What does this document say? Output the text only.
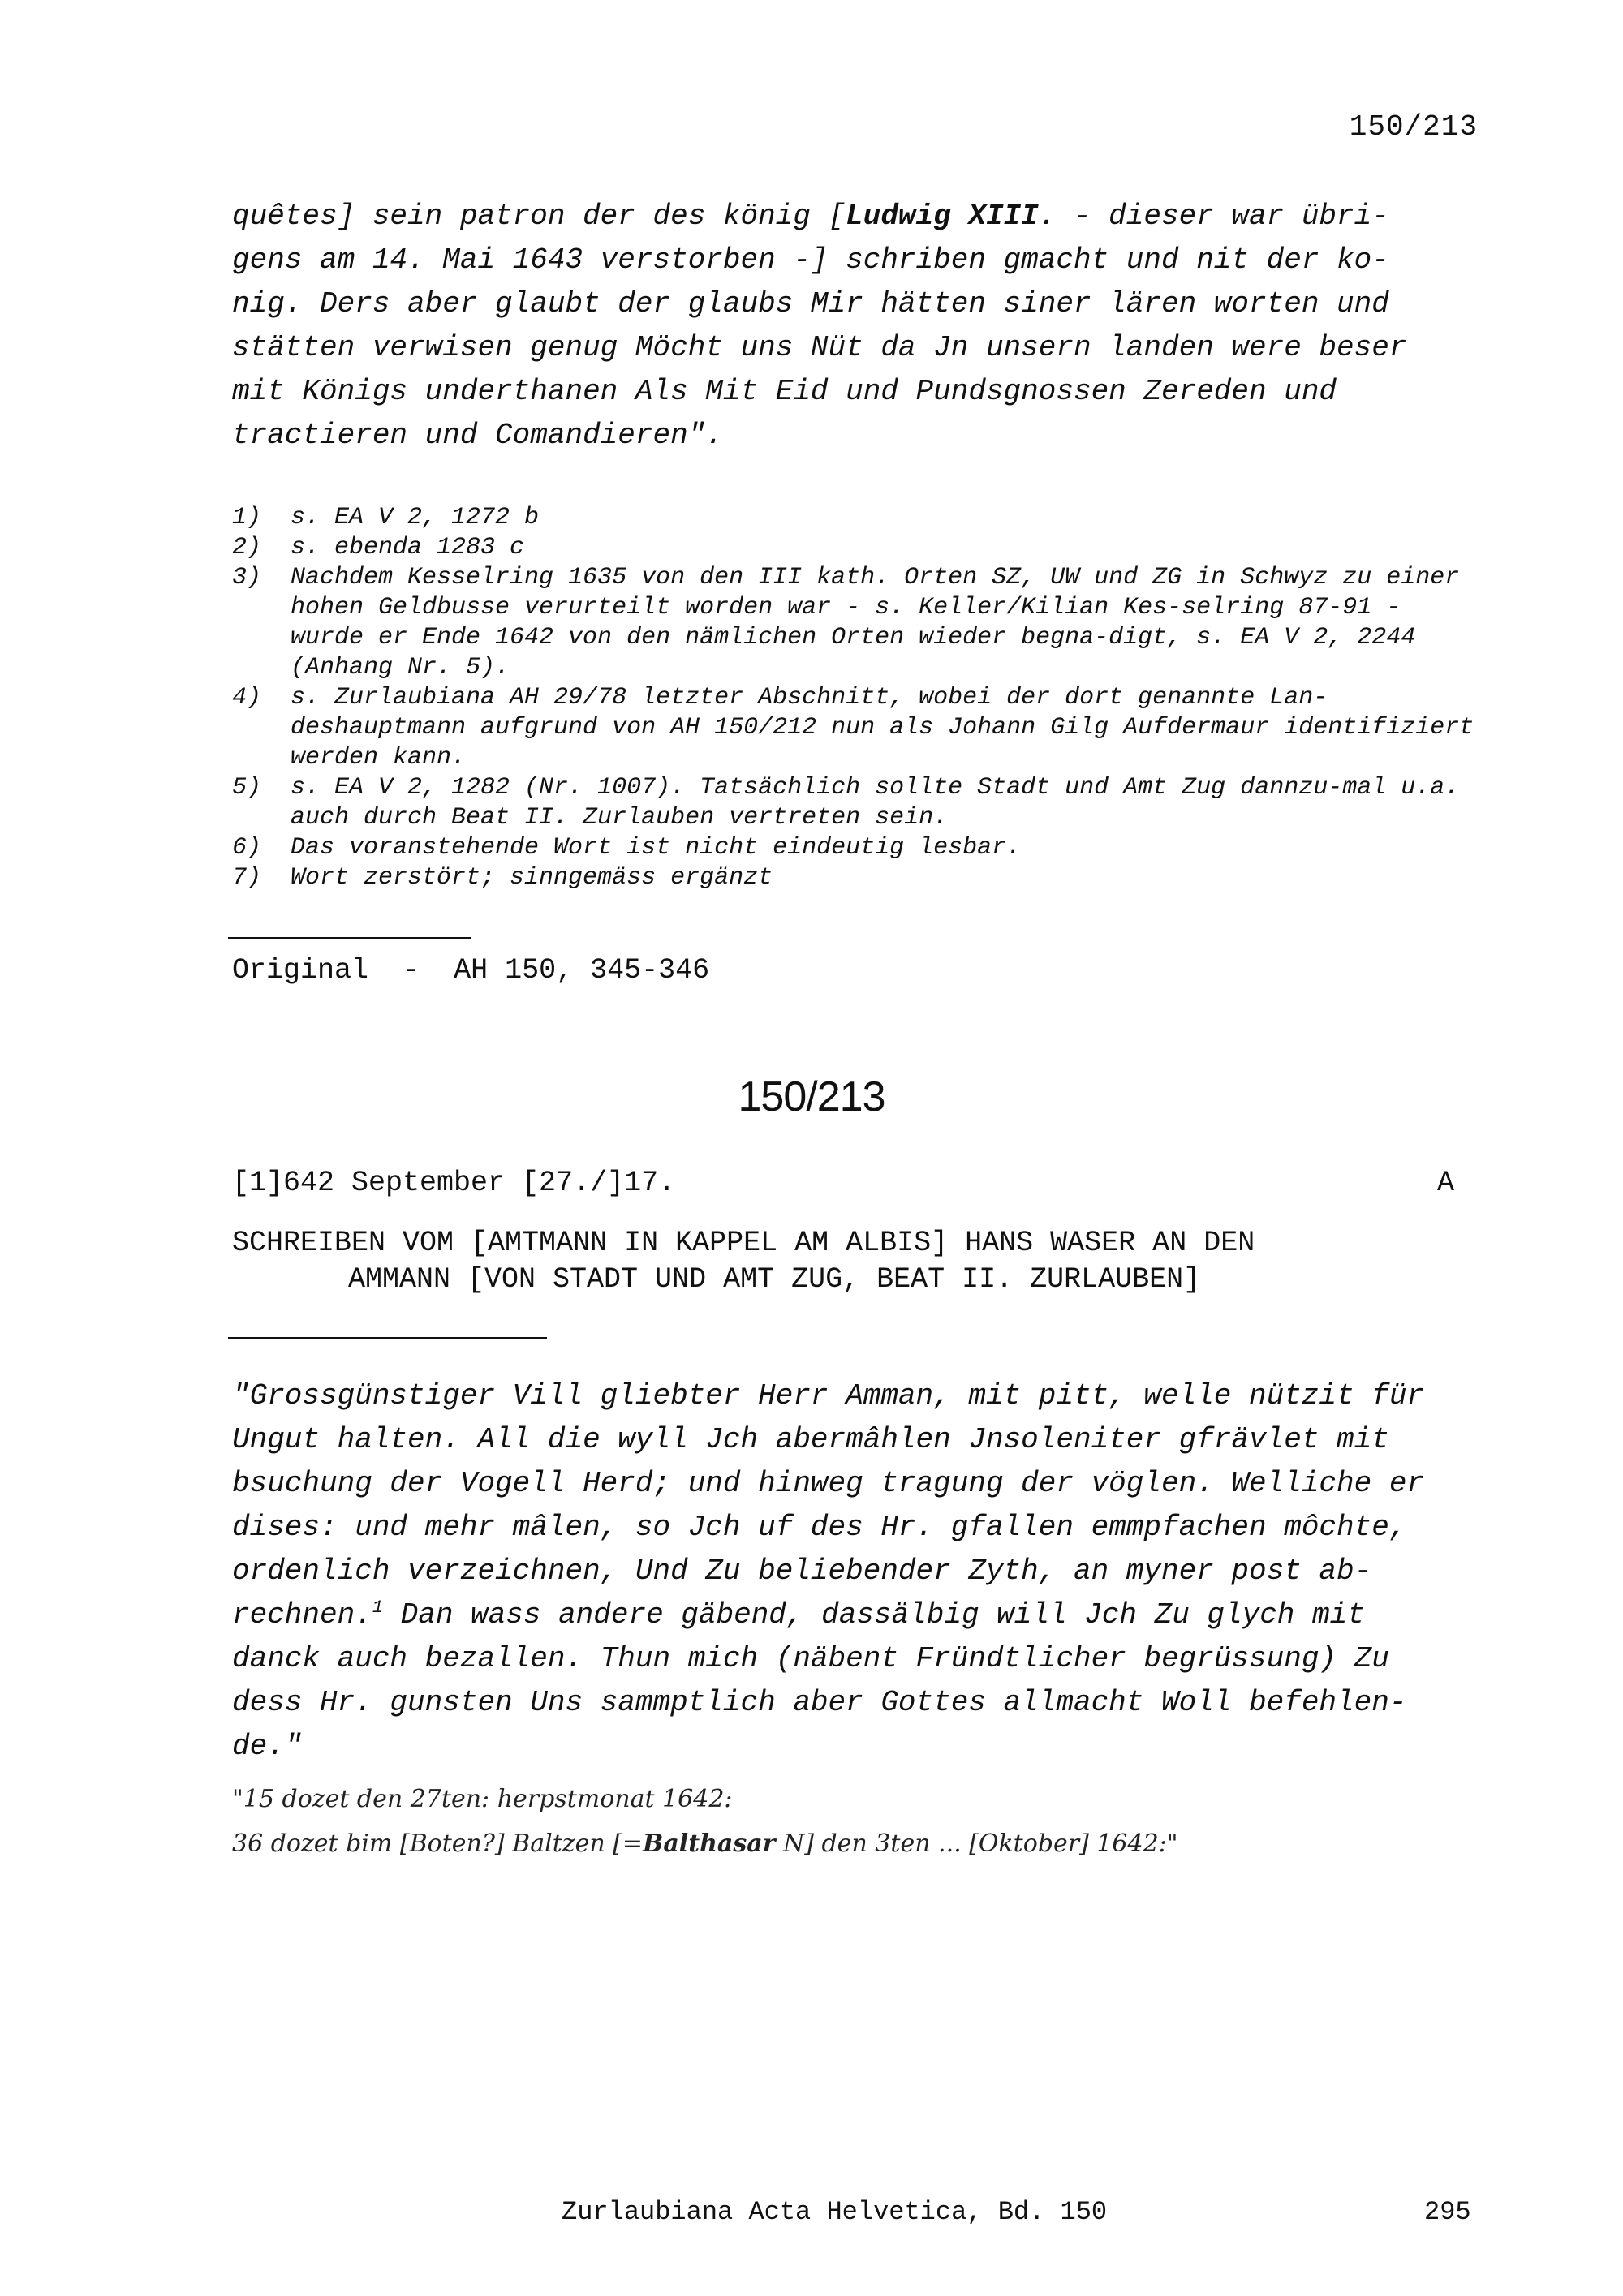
150/213

quêtes] sein patron der des könig [Ludwig XIII. - dieser war übri-

gens am 14. Mai 1643 verstorben -] schriben gmacht und nit der ko-

nig. Ders aber glaubt der glaubs Mir hätten siner lären worten und

stätten verwisen genug Möcht uns Nüt da Jn unsern landen were beser

mit Königs underthanen Als Mit Eid und Pundsgnossen Zereden und

tractieren und Comandieren".

1)	s. EA V 2, 1272 b
2)	s. ebenda 1283 c
3)	Nachdem Kesselring 1635 von den III kath. Orten SZ, UW und ZG in Schwyz zu einer hohen Geldbusse verurteilt worden war - s. Keller/Kilian Kes-selring 87-91 - wurde er Ende 1642 von den nämlichen Orten wieder begna-digt, s. EA V 2, 2244 (Anhang Nr. 5).
4)	s. Zurlaubiana AH 29/78 letzter Abschnitt, wobei der dort genannte Lan-deshauptmann aufgrund von AH 150/212 nun als Johann Gilg Aufdermaur identifiziert werden kann.
5)	s. EA V 2, 1282 (Nr. 1007). Tatsächlich sollte Stadt und Amt Zug dannzu-mal u.a. auch durch Beat II. Zurlauben vertreten sein.
6)	Das voranstehende Wort ist nicht eindeutig lesbar.
7)	Wort zerstört; sinngemäss ergänzt
Original - AH 150, 345-346
150/213
[1]642 September [27./]17.	A
SCHREIBEN VOM [AMTMANN IN KAPPEL AM ALBIS] HANS WASER AN DEN
AMMANN [VON STADT UND AMT ZUG, BEAT II. ZURLAUBEN]

"Grossgünstiger Vill gliebter Herr Amman, mit pitt, welle nützit für

Ungut halten. All die wyll Jch abermâhlen Jnsoleniter gfrävlet mit

bsuchung der Vogell Herd; und hinweg tragung der vöglen. Welliche er

dises: und mehr mâlen, so Jch uf des Hr. gfallen emmpfachen môchte,

ordenlich verzeichnen, Und Zu beliebender Zyth, an myner post ab-

rechnen.$^1$ Dan wass andere gäbend, dassälbig will Jch Zu glych mit

danck auch bezallen. Thun mich (näbent Fründtlicher begrüssung) Zu

dess Hr. gunsten Uns sammptlich aber Gottes allmacht Woll befehlen-

de."

"15 dozet den 27ten: herpstmonat 1642:
36 dozet bim [Boten?] Baltzen [=Balthasar N] den 3ten ... [Oktober] 1642:"
Zurlaubiana Acta Helvetica, Bd. 150	295
